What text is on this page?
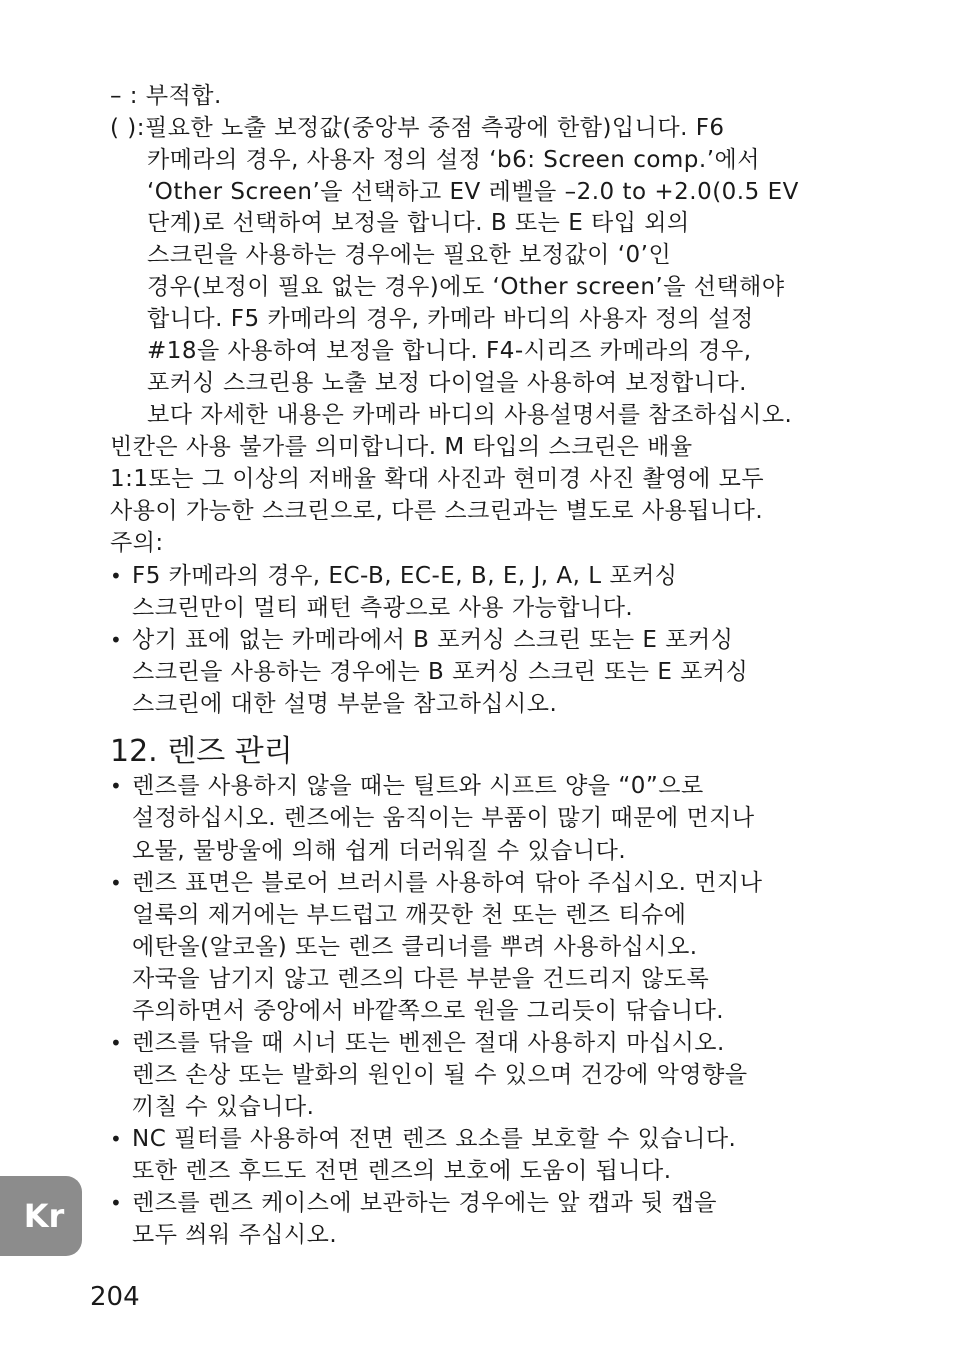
– : 부적합.
( ):필요한 노출 보정값(중앙부 중점 측광에 한함)입니다. F6
카메라의 경우, 사용자 정의 설정 ‘b6: Screen comp.’에서
‘Other Screen’을 선택하고 EV 레벨을 –2.0 to +2.0(0.5 EV
단계)로 선택하여 보정을 합니다. B 또는 E 타입 외의
스크린을 사용하는 경우에는 필요한 보정값이 ‘0’인
경우(보정이 필요 없는 경우)에도 ‘Other screen’을 선택해야
합니다. F5 카메라의 경우, 카메라 바디의 사용자 정의 설정
#18을 사용하여 보정을 합니다. F4-시리즈 카메라의 경우,
포커싱 스크린용 노출 보정 다이얼을 사용하여 보정합니다.
보다 자세한 내용은 카메라 바디의 사용설명서를 참조하십시오.
빈칸은 사용 불가를 의미합니다. M 타입의 스크린은 배율
1:1또는 그 이상의 저배율 확대 사진과 현미경 사진 촬영에 모두
사용이 가능한 스크린으로, 다른 스크린과는 별도로 사용됩니다.
주의:
• F5 카메라의 경우, EC-B, EC-E, B, E, J, A, L 포커싱
스크린만이 멀티 패턴 측광으로 사용 가능합니다.
• 상기 표에 없는 카메라에서 B 포커싱 스크린 또는 E 포커싱
스크린을 사용하는 경우에는 B 포커싱 스크린 또는 E 포커싱
스크린에 대한 설명 부분을 참고하십시오.
12. 렌즈 관리
• 렌즈를 사용하지 않을 때는 틸트와 시프트 양을 “0”으로
설정하십시오. 렌즈에는 움직이는 부품이 많기 때문에 먼지나
오물, 물방울에 의해 쉽게 더러워질 수 있습니다.
• 렌즈 표면은 블로어 브러시를 사용하여 닦아 주십시오. 먼지나
얼룩의 제거에는 부드럽고 깨끗한 천 또는 렌즈 티슈에
에탄올(알코올) 또는 렌즈 클리너를 뿌려 사용하십시오.
자국을 남기지 않고 렌즈의 다른 부분을 건드리지 않도록
주의하면서 중앙에서 바깥쪽으로 원을 그리듯이 닦습니다.
• 렌즈를 닦을 때 시너 또는 벤젠은 절대 사용하지 마십시오.
렌즈 손상 또는 발화의 원인이 될 수 있으며 건강에 악영향을
끼칠 수 있습니다.
• NC 필터를 사용하여 전면 렌즈 요소를 보호할 수 있습니다.
또한 렌즈 후드도 전면 렌즈의 보호에 도움이 됩니다.
• 렌즈를 렌즈 케이스에 보관하는 경우에는 앞 캡과 뒷 캡을
모두 씌워 주십시오.
Kr
204
